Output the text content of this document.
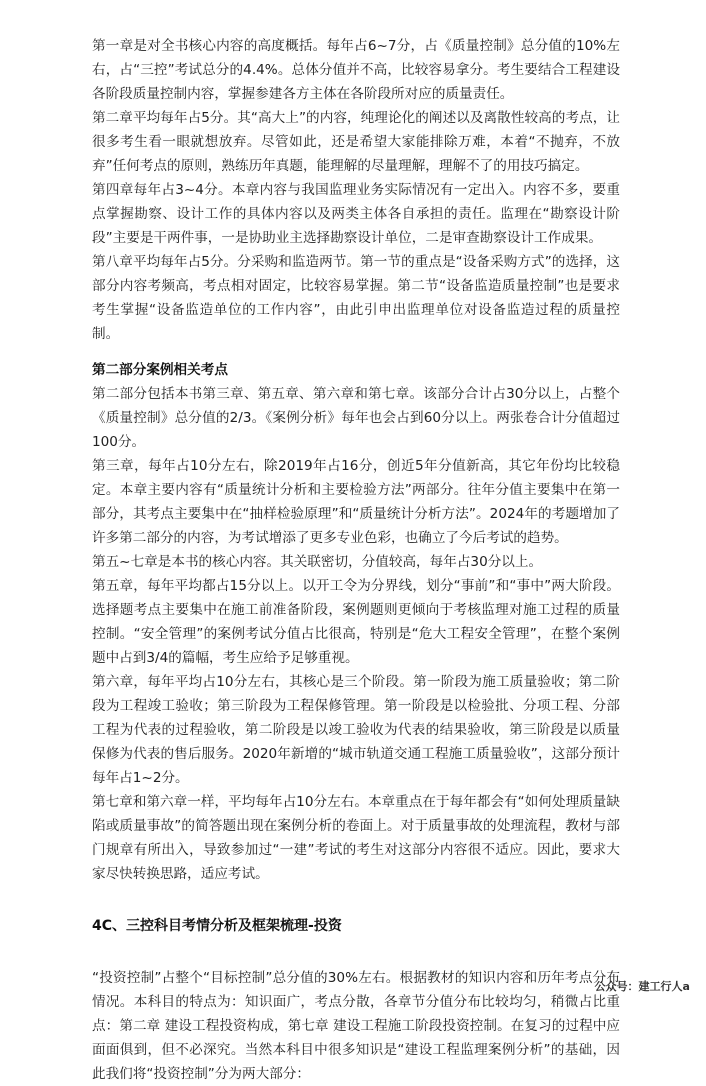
第一章是对全书核心内容的高度概括。每年占6~7分，占《质量控制》总分值的10%左右，占“三控”考试总分的4.4%。总体分值并不高，比较容易拿分。考生要结合工程建设各阶段质量控制内容，掌握参建各方主体在各阶段所对应的质量责任。

第二章平均每年占5分。其“高大上”的内容，纯理论化的阐述以及离散性较高的考点，让很多考生看一眼就想放弃。尽管如此，还是希望大家能排除万难，本着“不抛弃，不放弃”任何考点的原则，熟练历年真题，能理解的尽量理解，理解不了的用技巧搞定。

第四章每年占3~4分。本章内容与我国监理业务实际情况有一定出入。内容不多，要重点掌握勘察、设计工作的具体内容以及两类主体各自承担的责任。监理在“勘察设计阶段”主要是干两件事，一是协助业主选择勘察设计单位，二是审查勘察设计工作成果。

第八章平均每年占5分。分采购和监造两节。第一节的重点是“设备采购方式”的选择，这部分内容考频高，考点相对固定，比较容易掌握。第二节“设备监造质量控制”也是要求考生掌握“设备监造单位的工作内容”，由此引申出监理单位对设备监造过程的质量控制。

第二部分案例相关考点

第二部分包括本书第三章、第五章、第六章和第七章。该部分合计占30分以上，占整个《质量控制》总分值的2/3。《案例分析》每年也会占到60分以上。两张卷合计分值超过100分。

第三章，每年占10分左右，除2019年占16分，创近5年分值新高，其它年份均比较稳定。本章主要内容有“质量统计分析和主要检验方法”两部分。往年分值主要集中在第一部分，其考点主要集中在“抽样检验原理”和“质量统计分析方法”。2024年的考题增加了许多第二部分的内容，为考试增添了更多专业色彩，也确立了今后考试的趋势。

第五~七章是本书的核心内容。其关联密切，分值较高，每年占30分以上。

第五章，每年平均都占15分以上。以开工令为分界线，划分“事前”和“事中”两大阶段。选择题考点主要集中在施工前准备阶段，案例题则更倾向于考核监理对施工过程的质量控制。“安全管理”的案例考试分值占比很高，特别是“危大工程安全管理”，在整个案例题中占到3/4的篇幅，考生应给予足够重视。

第六章，每年平均占10分左右，其核心是三个阶段。第一阶段为施工质量验收；第二阶段为工程竣工验收；第三阶段为工程保修管理。第一阶段是以检验批、分项工程、分部工程为代表的过程验收，第二阶段是以竣工验收为代表的结果验收，第三阶段是以质量保修为代表的售后服务。2020年新增的“城市轨道交通工程施工质量验收”，这部分预计每年占1~2分。

第七章和第六章一样，平均每年占10分左右。本章重点在于每年都会有“如何处理质量缺陷或质量事故”的简答题出现在案例分析的卷面上。对于质量事故的处理流程，教材与部门规章有所出入，导致参加过“一建”考试的考生对这部分内容很不适应。因此，要求大家尽快转换思路，适应考试。

4C、三控科目考情分析及框架梳理-投资

“投资控制”占整个“目标控制”总分值的30%左右。根据教材的知识内容和历年考点分布情况。本科目的特点为：知识面广，考点分散，各章节分值分布比较均匀，稍微占比重点：第二章 建设工程投资构成，第七章 建设工程施工阶段投资控制。在复习的过程中应面面俱到，但不必深究。当然本科目中很多知识是“建设工程监理案例分析”的基础，因此我们将“投资控制”分为两大部分：

公众号：建工行人a
